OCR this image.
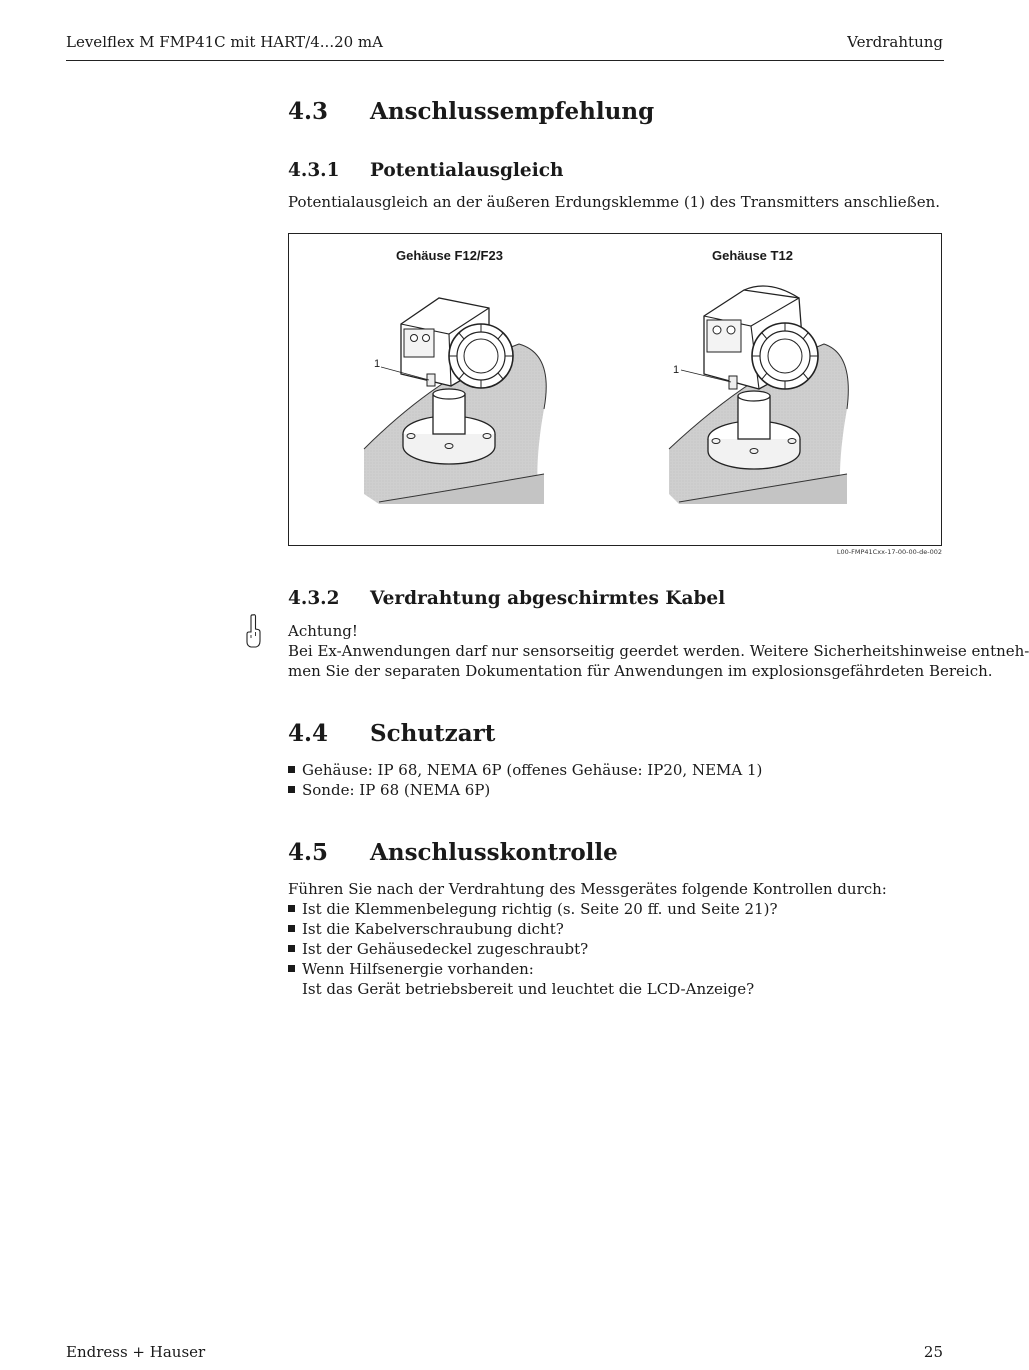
Levelflex M FMP41C mit HART/4...20 mA	Verdrahtung
4.3 Anschlussempfehlung
4.3.1 Potentialausgleich
Potentialausgleich an der äußeren Erdungsklemme (1) des Transmitters anschließen.
Gehäuse F12/F23	Gehäuse T12
1	1
L00-FMP41Cxx-17-00-00-de-002
4.3.2 Verdrahtung abgeschirmtes Kabel
Achtung!
Bei Ex-Anwendungen darf nur sensorseitig geerdet werden. Weitere Sicherheitshinweise entneh-
men Sie der separaten Dokumentation für Anwendungen im explosionsgefährdeten Bereich.
4.4 Schutzart
Gehäuse: IP 68, NEMA 6P (offenes Gehäuse: IP20, NEMA 1)
Sonde: IP 68 (NEMA 6P)
4.5 Anschlusskontrolle
Führen Sie nach der Verdrahtung des Messgerätes folgende Kontrollen durch:
Ist die Klemmenbelegung richtig (s. Seite 20 ff. und Seite 21)?
Ist die Kabelverschraubung dicht?
Ist der Gehäusedeckel zugeschraubt?
Wenn Hilfsenergie vorhanden:
Ist das Gerät betriebsbereit und leuchtet die LCD-Anzeige?
Endress + Hauser	25
